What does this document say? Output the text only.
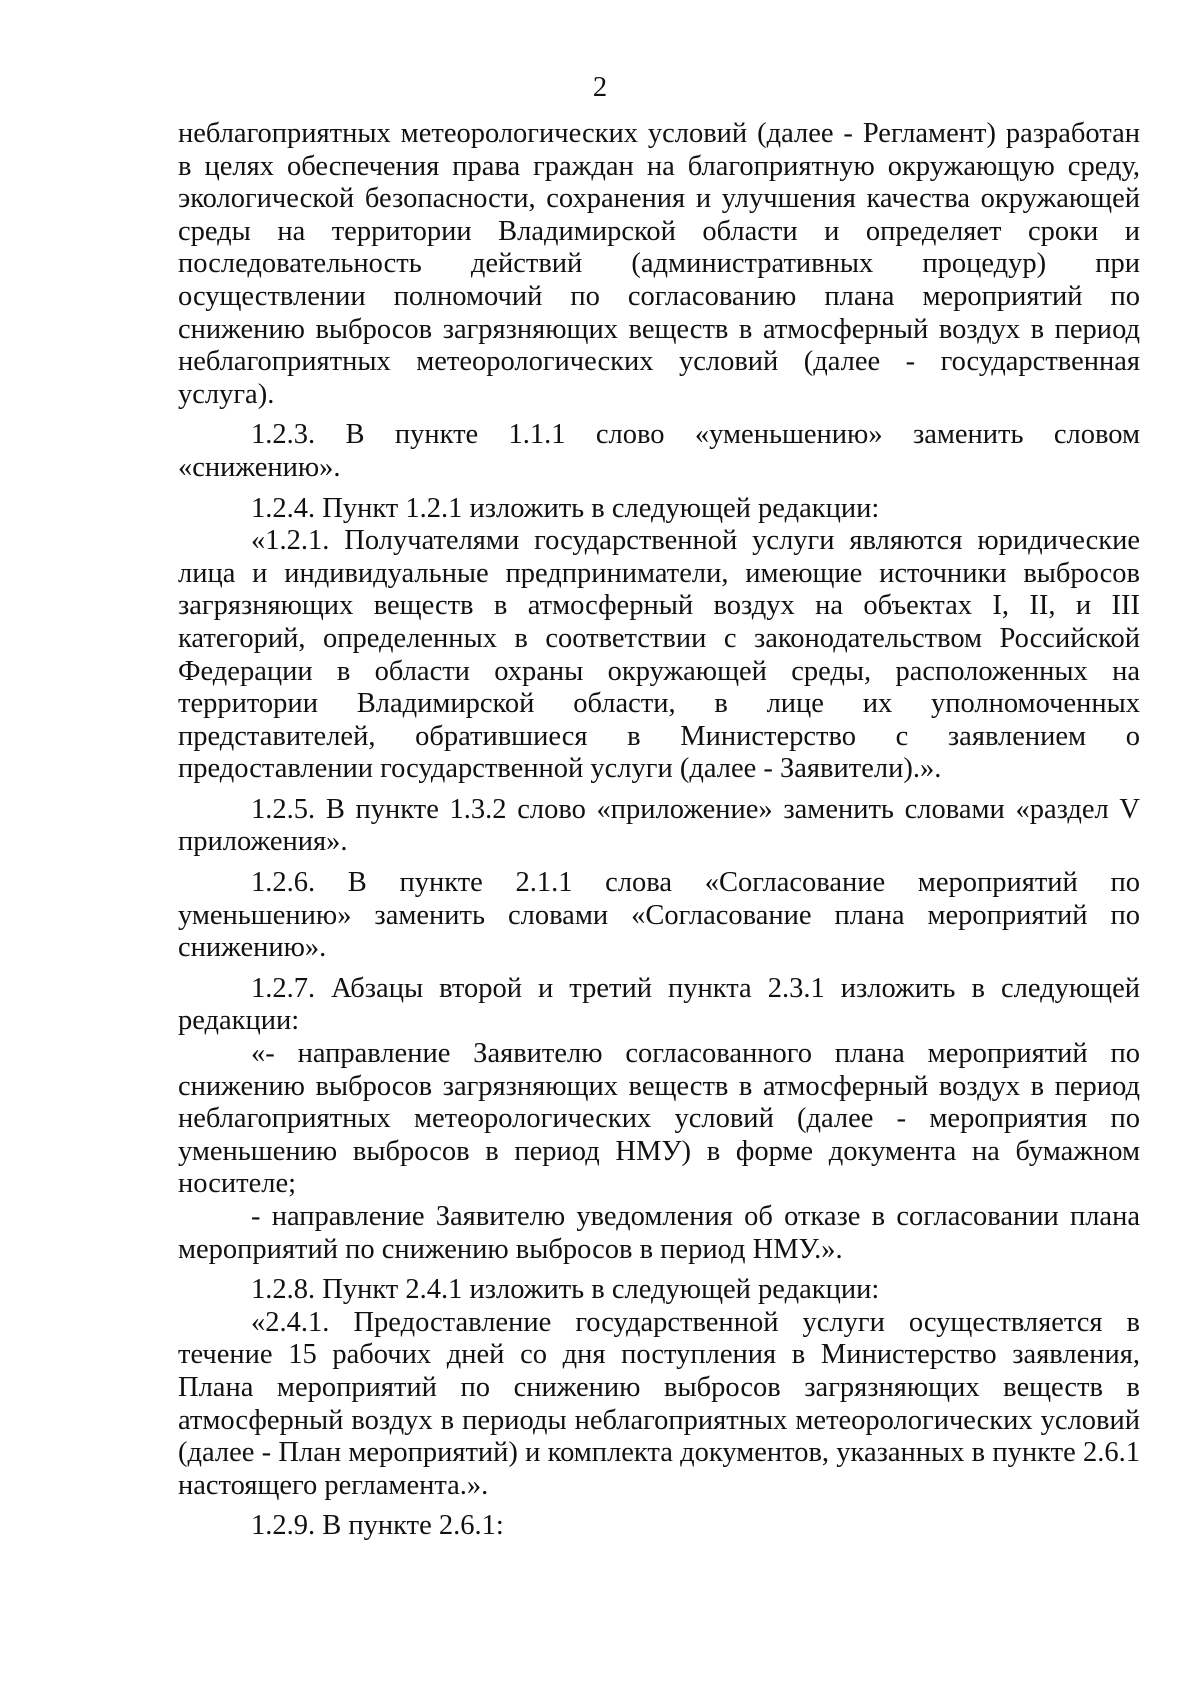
2
неблагоприятных метеорологических условий (далее - Регламент) разработан в целях обеспечения права граждан на благоприятную окружающую среду, экологической безопасности, сохранения и улучшения качества окружающей среды на территории Владимирской области и определяет сроки и последовательность действий (административных процедур) при осуществлении полномочий по согласованию плана мероприятий по снижению выбросов загрязняющих веществ в атмосферный воздух в период неблагоприятных метеорологических условий (далее - государственная услуга).
1.2.3. В пункте 1.1.1 слово «уменьшению» заменить словом «снижению».
1.2.4. Пункт 1.2.1 изложить в следующей редакции:
«1.2.1. Получателями государственной услуги являются юридические лица и индивидуальные предприниматели, имеющие источники выбросов загрязняющих веществ в атмосферный воздух на объектах I, II, и III категорий, определенных в соответствии с законодательством Российской Федерации в области охраны окружающей среды, расположенных на территории Владимирской области, в лице их уполномоченных представителей, обратившиеся в Министерство с заявлением о предоставлении государственной услуги (далее - Заявители).».
1.2.5. В пункте 1.3.2 слово «приложение» заменить словами «раздел V приложения».
1.2.6. В пункте 2.1.1 слова «Согласование мероприятий по уменьшению» заменить словами «Согласование плана мероприятий по снижению».
1.2.7. Абзацы второй и третий пункта 2.3.1 изложить в следующей редакции:
«- направление Заявителю согласованного плана мероприятий по снижению выбросов загрязняющих веществ в атмосферный воздух в период неблагоприятных метеорологических условий (далее - мероприятия по уменьшению выбросов в период НМУ) в форме документа на бумажном носителе;
- направление Заявителю уведомления об отказе в согласовании плана мероприятий по снижению выбросов в период НМУ.».
1.2.8. Пункт 2.4.1 изложить в следующей редакции:
«2.4.1. Предоставление государственной услуги осуществляется в течение 15 рабочих дней со дня поступления в Министерство заявления, Плана мероприятий по снижению выбросов загрязняющих веществ в атмосферный воздух в периоды неблагоприятных метеорологических условий (далее - План мероприятий) и комплекта документов, указанных в пункте 2.6.1 настоящего регламента.».
1.2.9. В пункте 2.6.1:
